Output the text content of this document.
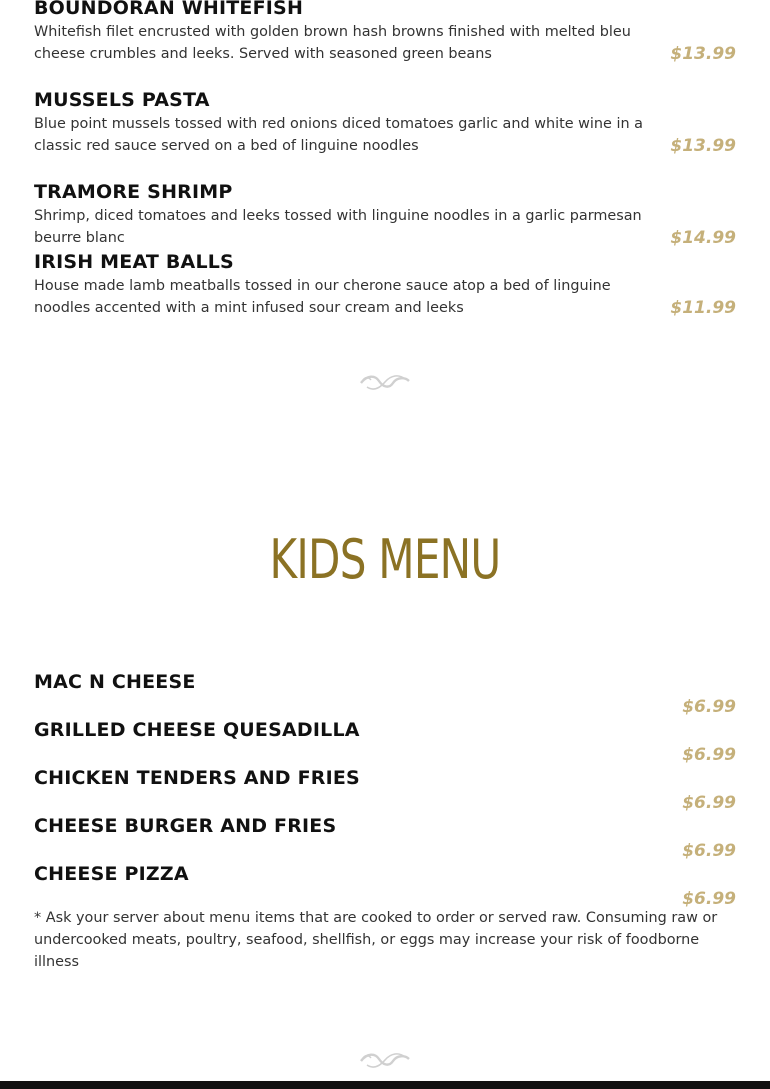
BOUNDORAN WHITEFISH
Whitefish filet encrusted with golden brown hash browns finished with melted bleu cheese crumbles and leeks. Served with seasoned green beans	$13.99
MUSSELS PASTA
Blue point mussels tossed with red onions diced tomatoes garlic and white wine in a classic red sauce served on a bed of linguine noodles	$13.99
TRAMORE SHRIMP
Shrimp, diced tomatoes and leeks tossed with linguine noodles in a garlic parmesan beurre blanc	$14.99
IRISH MEAT BALLS
House made lamb meatballs tossed in our cherone sauce atop a bed of linguine noodles accented with a mint infused sour cream and leeks	$11.99
KIDS MENU
MAC N CHEESE
$6.99
GRILLED CHEESE QUESADILLA
$6.99
CHICKEN TENDERS AND FRIES
$6.99
CHEESE BURGER AND FRIES
$6.99
CHEESE PIZZA
$6.99
* Ask your server about menu items that are cooked to order or served raw. Consuming raw or undercooked meats, poultry, seafood, shellfish, or eggs may increase your risk of foodborne illness
